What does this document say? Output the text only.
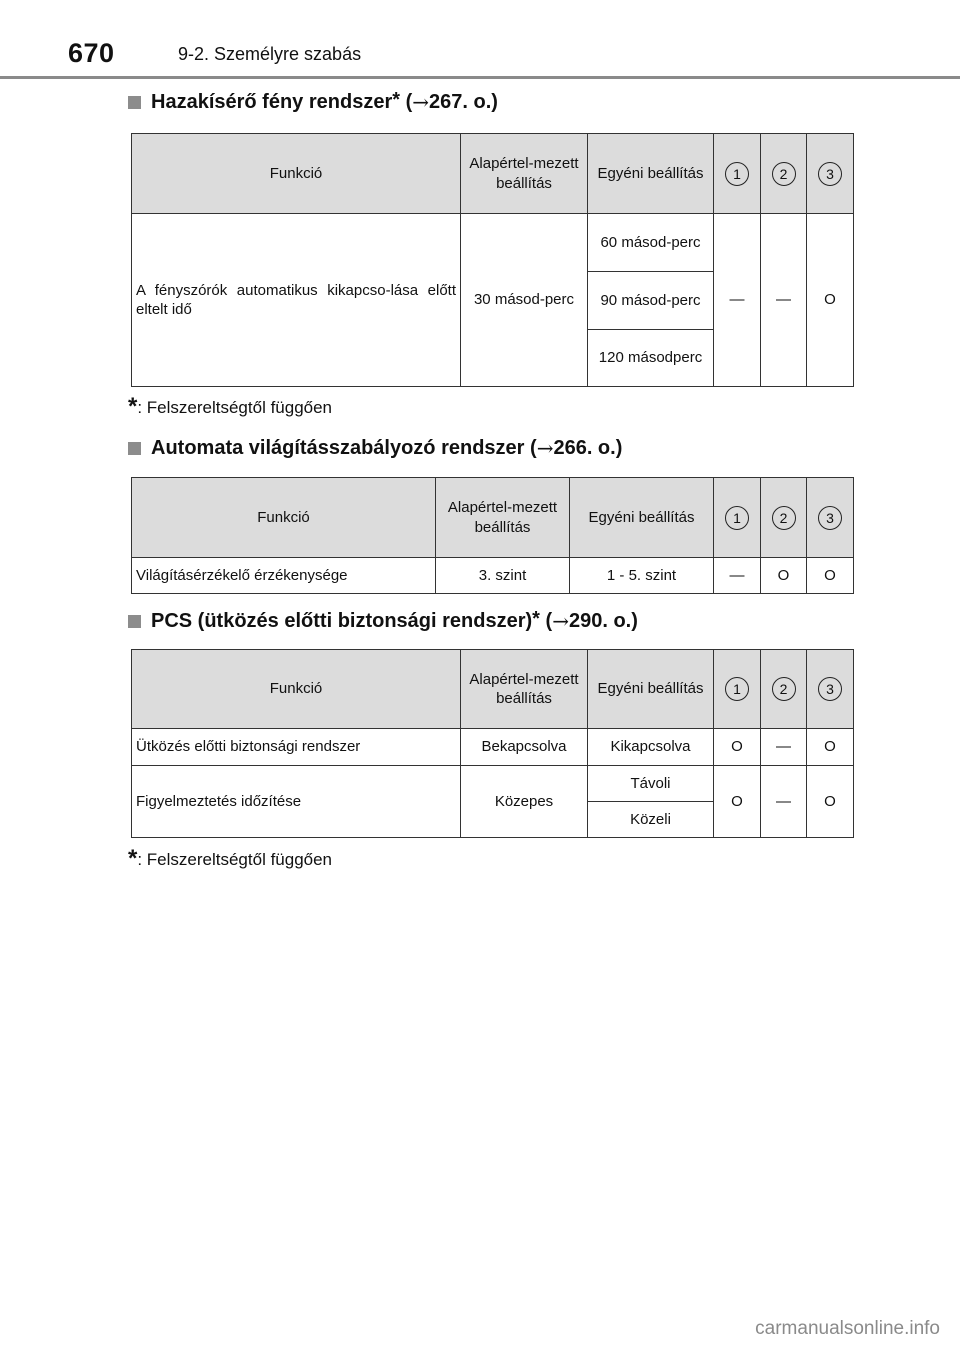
670	9-2. Személyre szabás
Hazakísérő fény rendszer*
( → 267. o.)
Funkció	Alapértel-mezett beállítás	Egyéni beállítás	1	2	3
A fényszórók automatikus kikapcso-lása előtt eltelt idő	30 másod-perc	60 másod-perc	—	—	O
		90 másod-perc			
		120 másodperc			
*: Felszereltségtől függően
Automata világításszabályozó rendszer
( → 266. o.)
Funkció	Alapértel-mezett beállítás	Egyéni beállítás	1	2	3
Világításérzékelő érzékenysége	3. szint	1 - 5. szint	—	O	O
PCS (ütközés előtti biztonsági rendszer)*
( → 290. o.)
Funkció	Alapértel-mezett beállítás	Egyéni beállítás	1	2	3
Ütközés előtti biztonsági rendszer	Bekapcsolva	Kikapcsolva	O	—	O
Figyelmeztetés időzítése	Közepes	Távoli	O	—	O
		Közeli			
*: Felszereltségtől függően
carmanualsonline.info
